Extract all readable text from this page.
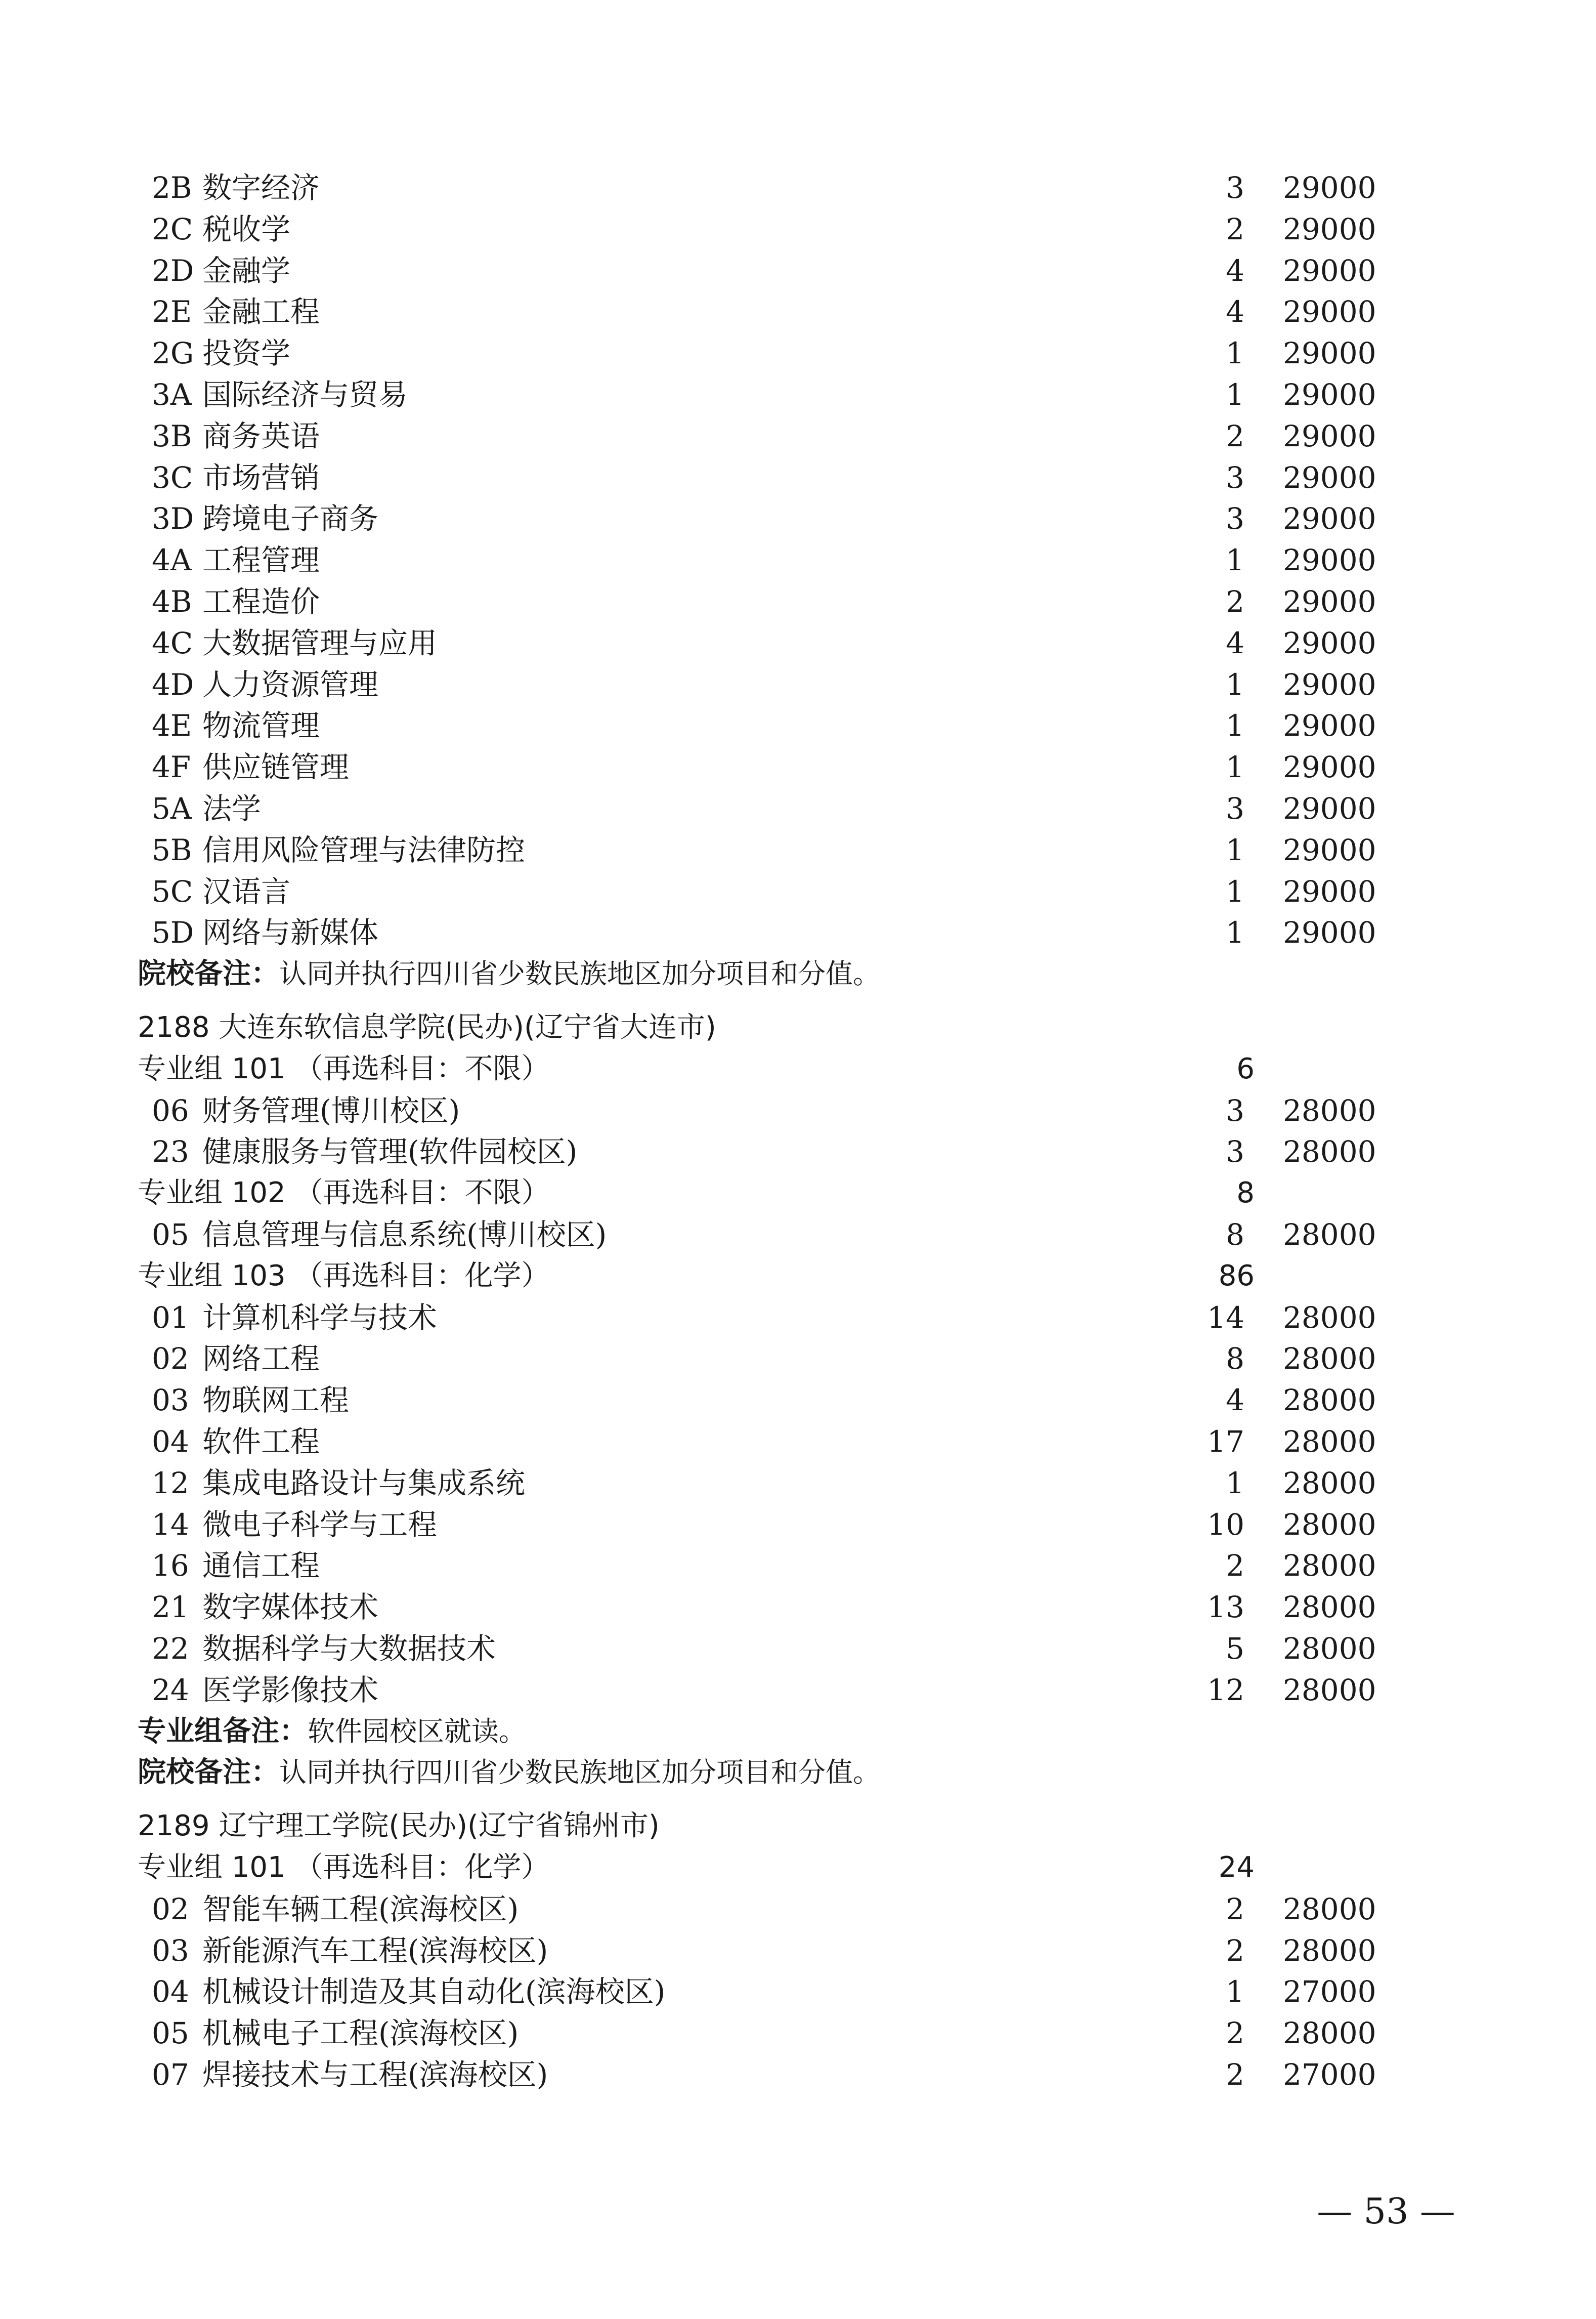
2B 数字经济	3 29000
2C 税收学	2 29000
2D 金融学	4 29000
2E 金融工程	4 29000
2G 投资学	1 29000
3A 国际经济与贸易	1 29000
3B 商务英语	2 29000
3C 市场营销	3 29000
3D 跨境电子商务	3 29000
4A 工程管理	1 29000
4B 工程造价	2 29000
4C 大数据管理与应用	4 29000
4D 人力资源管理	1 29000
4E 物流管理	1 29000
4F 供应链管理	1 29000
5A 法学	3 29000
5B 信用风险管理与法律防控	1 29000
5C 汉语言	1 29000
5D 网络与新媒体	1 29000
院校备注：认同并执行四川省少数民族地区加分项目和分值。
2188 大连东软信息学院(民办)(辽宁省大连市)
专业组 101 （再选科目：不限）	6
06 财务管理(博川校区)	3 28000
23 健康服务与管理(软件园校区)	3 28000
专业组 102 （再选科目：不限）	8
05 信息管理与信息系统(博川校区)	8 28000
专业组 103 （再选科目：化学）	86
01 计算机科学与技术	14 28000
02 网络工程	8 28000
03 物联网工程	4 28000
04 软件工程	17 28000
12 集成电路设计与集成系统	1 28000
14 微电子科学与工程	10 28000
16 通信工程	2 28000
21 数字媒体技术	13 28000
22 数据科学与大数据技术	5 28000
24 医学影像技术	12 28000
专业组备注：软件园校区就读。
院校备注：认同并执行四川省少数民族地区加分项目和分值。
2189 辽宁理工学院(民办)(辽宁省锦州市)
专业组 101 （再选科目：化学）	24
02 智能车辆工程(滨海校区)	2 28000
03 新能源汽车工程(滨海校区)	2 28000
04 机械设计制造及其自动化(滨海校区)	1 27000
05 机械电子工程(滨海校区)	2 28000
07 焊接技术与工程(滨海校区)	2 27000
— 53 —
